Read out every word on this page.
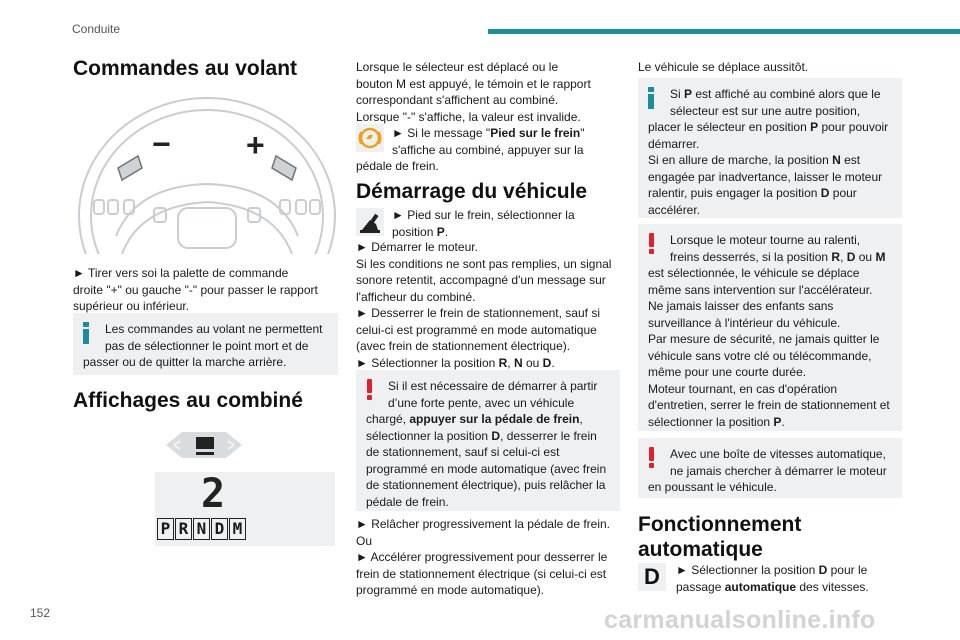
Conduite
152	carmanualsonline.info
Commandes au volant
− +

► Tirer vers soi la palette de commande

droite "+" ou gauche "-" pour passer le rapport

supérieur ou inférieur.

Les commandes au volant ne permettent

pas de sélectionner le point mort et de

passer ou de quitter la marche arrière.

Affichages au combiné
2
P R N D M

Lorsque le sélecteur est déplacé ou le

bouton M est appuyé, le témoin et le rapport

correspondant s'affichent au combiné.

Lorsque "-" s'affiche, la valeur est invalide.

► Si le message "Pied sur le frein"

s'affiche au combiné, appuyer sur la

pédale de frein.

Démarrage du véhicule

► Pied sur le frein, sélectionner la

position P.

► Démarrer le moteur.

Si les conditions ne sont pas remplies, un signal

sonore retentit, accompagné d'un message sur

l'afficheur du combiné.

► Desserrer le frein de stationnement, sauf si

celui-ci est programmé en mode automatique

(avec frein de stationnement électrique).

► Sélectionner la position R, N ou D.

Si il est nécessaire de démarrer à partir

d’une forte pente, avec un véhicule

chargé, appuyer sur la pédale de frein,

sélectionner la position D, desserrer le frein

de stationnement, sauf si celui-ci est

programmé en mode automatique (avec frein

de stationnement électrique), puis relâcher la

pédale de frein.

► Relâcher progressivement la pédale de frein.

Ou

► Accélérer progressivement pour desserrer le

frein de stationnement électrique (si celui-ci est

programmé en mode automatique).

Le véhicule se déplace aussitôt.

Si P est affiché au combiné alors que le

sélecteur est sur une autre position,

placer le sélecteur en position P pour pouvoir

démarrer.

Si en allure de marche, la position N est

engagée par inadvertance, laisser le moteur

ralentir, puis engager la position D pour

accélérer.

Lorsque le moteur tourne au ralenti,

freins desserrés, si la position R, D ou M

est sélectionnée, le véhicule se déplace

même sans intervention sur l'accélérateur.

Ne jamais laisser des enfants sans

surveillance à l'intérieur du véhicule.

Par mesure de sécurité, ne jamais quitter le

véhicule sans votre clé ou télécommande,

même pour une courte durée.

Moteur tournant, en cas d'opération

d'entretien, serrer le frein de stationnement et

sélectionner la position P.

Avec une boîte de vitesses automatique,

ne jamais chercher à démarrer le moteur

en poussant le véhicule.

Fonctionnement
automatique
D ► Sélectionner la position D pour le

passage automatique des vitesses.
